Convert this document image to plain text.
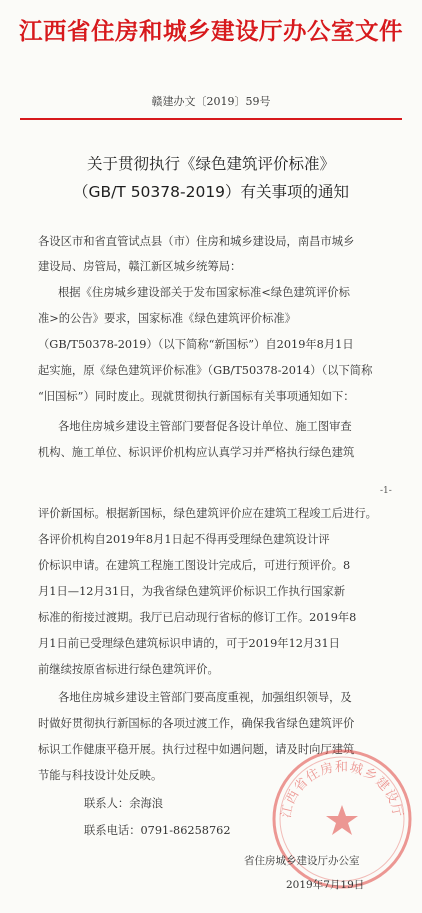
江西省住房和城乡建设厅办公室文件
赣建办文〔2019〕59号
关于贯彻执行《绿色建筑评价标准》
（GB/T 50378-2019）有关事项的通知
各设区市和省直管试点县（市）住房和城乡建设局，南昌市城乡
建设局、房管局，赣江新区城乡统筹局：
根据《住房城乡建设部关于发布国家标准<绿色建筑评价标
准>的公告》要求，国家标准《绿色建筑评价标准》
（GB/T50378-2019）（以下简称“新国标”）自2019年8月1日
起实施，原《绿色建筑评价标准》（GB/T50378-2014）（以下简称
“旧国标”）同时废止。现就贯彻执行新国标有关事项通知如下：
各地住房城乡建设主管部门要督促各设计单位、施工图审查
机构、施工单位、标识评价机构应认真学习并严格执行绿色建筑
-1-
评价新国标。根据新国标，绿色建筑评价应在建筑工程竣工后进行。
各评价机构自2019年8月1日起不得再受理绿色建筑设计评
价标识申请。在建筑工程施工图设计完成后，可进行预评价。8
月1日—12月31日，为我省绿色建筑评价标识工作执行国家新
标准的衔接过渡期。我厅已启动现行省标的修订工作。2019年8
月1日前已受理绿色建筑标识申请的，可于2019年12月31日
前继续按原省标进行绿色建筑评价。
各地住房城乡建设主管部门要高度重视，加强组织领导，及
时做好贯彻执行新国标的各项过渡工作，确保我省绿色建筑评价
标识工作健康平稳开展。执行过程中如遇问题，请及时向厅建筑
节能与科技设计处反映。
联系人：余海浪
联系电话：0791-86258762
江西省住房和城乡建设厅
省住房城乡建设厅办公室
2019年7月19日
